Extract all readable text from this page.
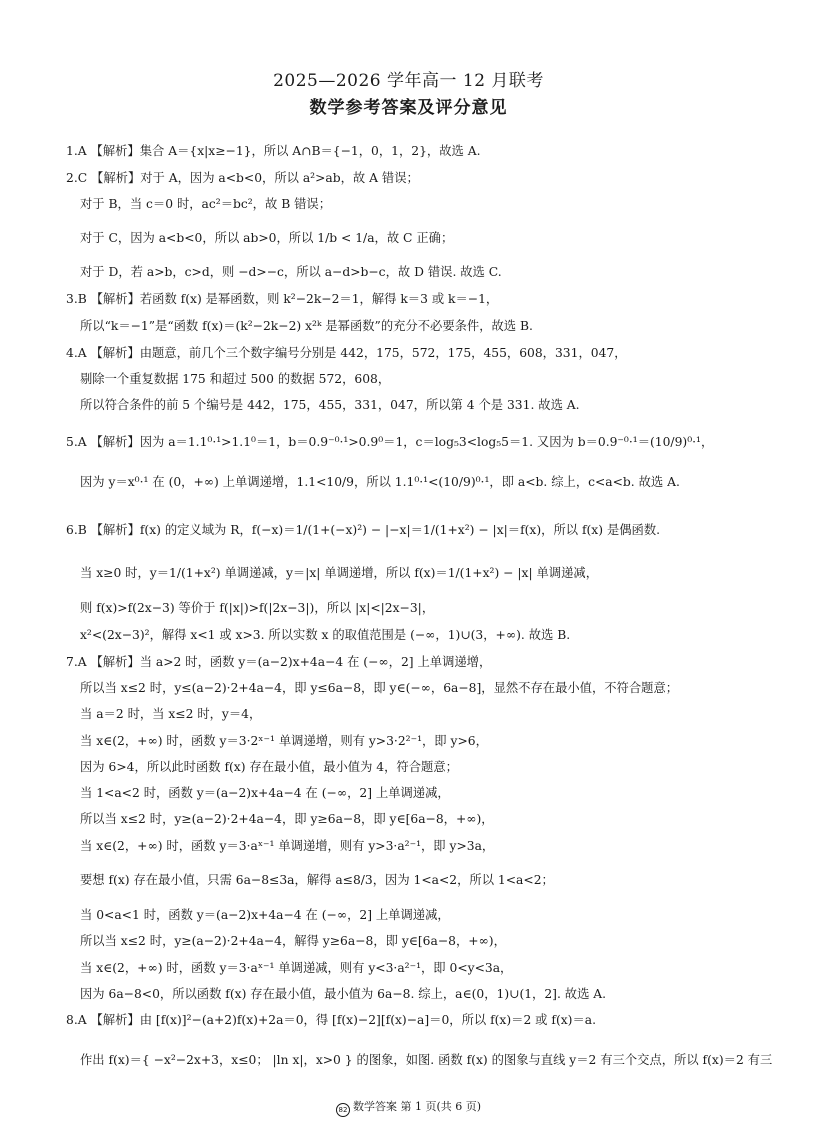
2025—2026 学年高一 12 月联考
数学参考答案及评分意见
1.A 【解析】集合 A＝{x|x≥−1}，所以 A∩B＝{−1，0，1，2}，故选 A.
2.C 【解析】对于 A，因为 a<b<0，所以 a²>ab，故 A 错误；
对于 B，当 c＝0 时，ac²＝bc²，故 B 错误；
对于 C，因为 a<b<0，所以 ab>0，所以 1/b < 1/a，故 C 正确；
对于 D，若 a>b，c>d，则 −d>−c，所以 a−d>b−c，故 D 错误. 故选 C.
3.B 【解析】若函数 f(x) 是幂函数，则 k²−2k−2＝1，解得 k＝3 或 k＝−1，
所以“k＝−1”是“函数 f(x)＝(k²−2k−2) x²ᵏ 是幂函数”的充分不必要条件，故选 B.
4.A 【解析】由题意，前几个三个数字编号分别是 442，175，572，175，455，608，331，047，
剔除一个重复数据 175 和超过 500 的数据 572，608，
所以符合条件的前 5 个编号是 442，175，455，331，047，所以第 4 个是 331. 故选 A.
5.A 【解析】因为 a＝1.1⁰·¹>1.1⁰＝1，b＝0.9⁻⁰·¹>0.9⁰＝1，c＝log₅3<log₅5＝1. 又因为 b＝0.9⁻⁰·¹＝(10/9)⁰·¹，
因为 y＝x⁰·¹ 在 (0，+∞) 上单调递增，1.1<10/9，所以 1.1⁰·¹<(10/9)⁰·¹，即 a<b. 综上，c<a<b. 故选 A.
6.B 【解析】f(x) 的定义域为 R，f(−x)＝1/(1+(−x)²) − |−x|＝1/(1+x²) − |x|＝f(x)，所以 f(x) 是偶函数.
当 x≥0 时，y＝1/(1+x²) 单调递减，y＝|x| 单调递增，所以 f(x)＝1/(1+x²) − |x| 单调递减，
则 f(x)>f(2x−3) 等价于 f(|x|)>f(|2x−3|)，所以 |x|<|2x−3|，
x²<(2x−3)²，解得 x<1 或 x>3. 所以实数 x 的取值范围是 (−∞，1)∪(3，+∞). 故选 B.
7.A 【解析】当 a>2 时，函数 y＝(a−2)x+4a−4 在 (−∞，2] 上单调递增，
所以当 x≤2 时，y≤(a−2)·2+4a−4，即 y≤6a−8，即 y∈(−∞，6a−8]，显然不存在最小值，不符合题意；
当 a＝2 时，当 x≤2 时，y＝4，
当 x∈(2，+∞) 时，函数 y＝3·2ˣ⁻¹ 单调递增，则有 y>3·2²⁻¹，即 y>6，
因为 6>4，所以此时函数 f(x) 存在最小值，最小值为 4，符合题意；
当 1<a<2 时，函数 y＝(a−2)x+4a−4 在 (−∞，2] 上单调递减，
所以当 x≤2 时，y≥(a−2)·2+4a−4，即 y≥6a−8，即 y∈[6a−8，+∞)，
当 x∈(2，+∞) 时，函数 y＝3·aˣ⁻¹ 单调递增，则有 y>3·a²⁻¹，即 y>3a，
要想 f(x) 存在最小值，只需 6a−8≤3a，解得 a≤8/3，因为 1<a<2，所以 1<a<2；
当 0<a<1 时，函数 y＝(a−2)x+4a−4 在 (−∞，2] 上单调递减，
所以当 x≤2 时，y≥(a−2)·2+4a−4，解得 y≥6a−8，即 y∈[6a−8，+∞)，
当 x∈(2，+∞) 时，函数 y＝3·aˣ⁻¹ 单调递减，则有 y<3·a²⁻¹，即 0<y<3a，
因为 6a−8<0，所以函数 f(x) 存在最小值，最小值为 6a−8. 综上，a∈(0，1)∪(1，2]. 故选 A.
8.A 【解析】由 [f(x)]²−(a+2)f(x)+2a＝0，得 [f(x)−2][f(x)−a]＝0，所以 f(x)＝2 或 f(x)＝a.
作出 f(x)＝{ −x²−2x+3，x≤0； |ln x|，x>0 } 的图象，如图. 函数 f(x) 的图象与直线 y＝2 有三个交点，所以 f(x)＝2 有三
82 数学答案 第 1 页(共 6 页)
